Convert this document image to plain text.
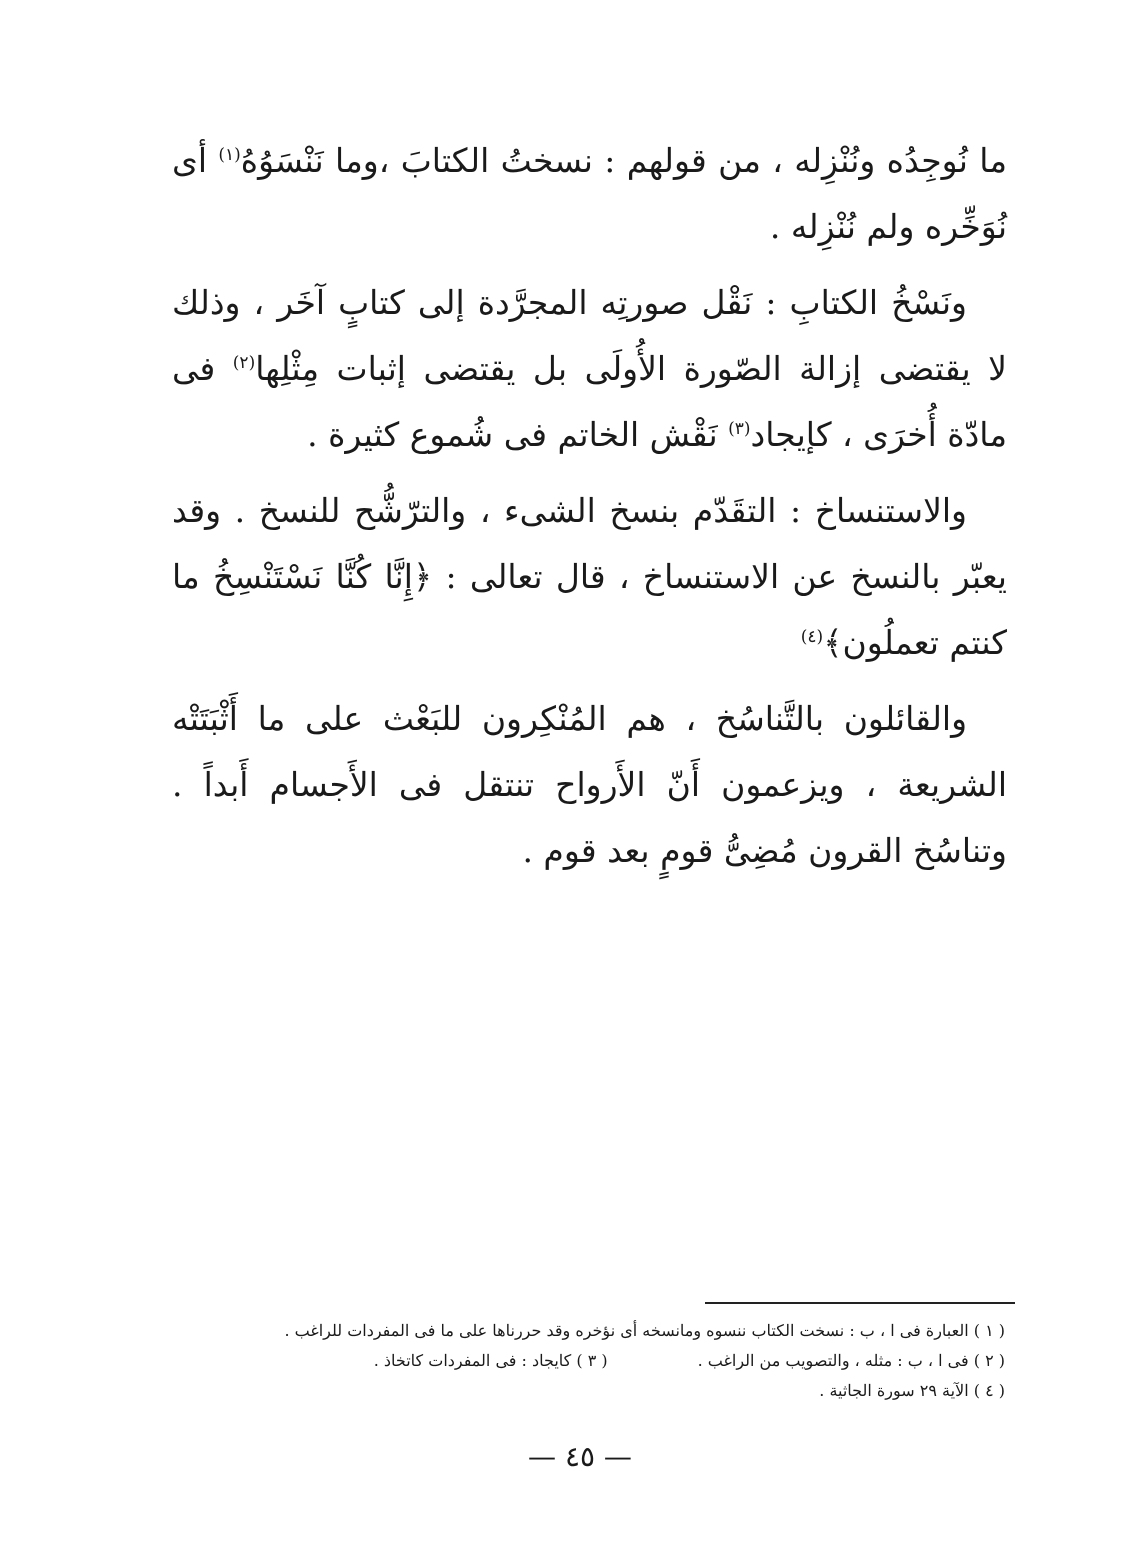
ما نُوجِدُه ونُنْزِله ، من قولهم : نسختُ الكتابَ ،وما نَنْسَوُهُ$^{(١)}$ أى نُوَخِّره ولم نُنْزِله .

ونَسْخُ الكتابِ : نَقْل صورتِه المجرَّدة إلى كتابٍ آخَر ، وذلك لا يقتضى إزالة الصّورة الأُولَى بل يقتضى إثبات مِثْلِها$^{(٢)}$ فى مادّة أُخرَى ، كإيجاد$^{(٣)}$ نَقْش الخاتم فى شُموع كثيرة .

والاستنساخ : التقَدّم بنسخ الشىء ، والترّشُّح للنسخ . وقد يعبّر بالنسخ عن الاستنساخ ، قال تعالى : ﴿إِنَّا كُنَّا نَسْتَنْسِخُ ما كنتم تعملُون﴾$^{(٤)}$

والقائلون بالتَّناسُخ ، هم المُنْكِرون للبَعْث على ما أَثْبَتَتْه الشريعة ، ويزعمون أَنّ الأَرواح تنتقل فى الأَجسام أَبداً . وتناسُخ القرون مُضِىُّ قومٍ بعد قوم .

( ١ ) العبارة فى ا ، ب : نسخت الكتاب ننسوه ومانسخه أى نؤخره وقد حررناها على ما فى المفردات للراغب .
( ٢ ) فى ا ، ب : مثله ، والتصويب من الراغب .( ٣ ) كايجاد : فى المفردات كاتخاذ .
( ٤ ) الآية ٢٩ سورة الجاثية .
— ٤٥ —
